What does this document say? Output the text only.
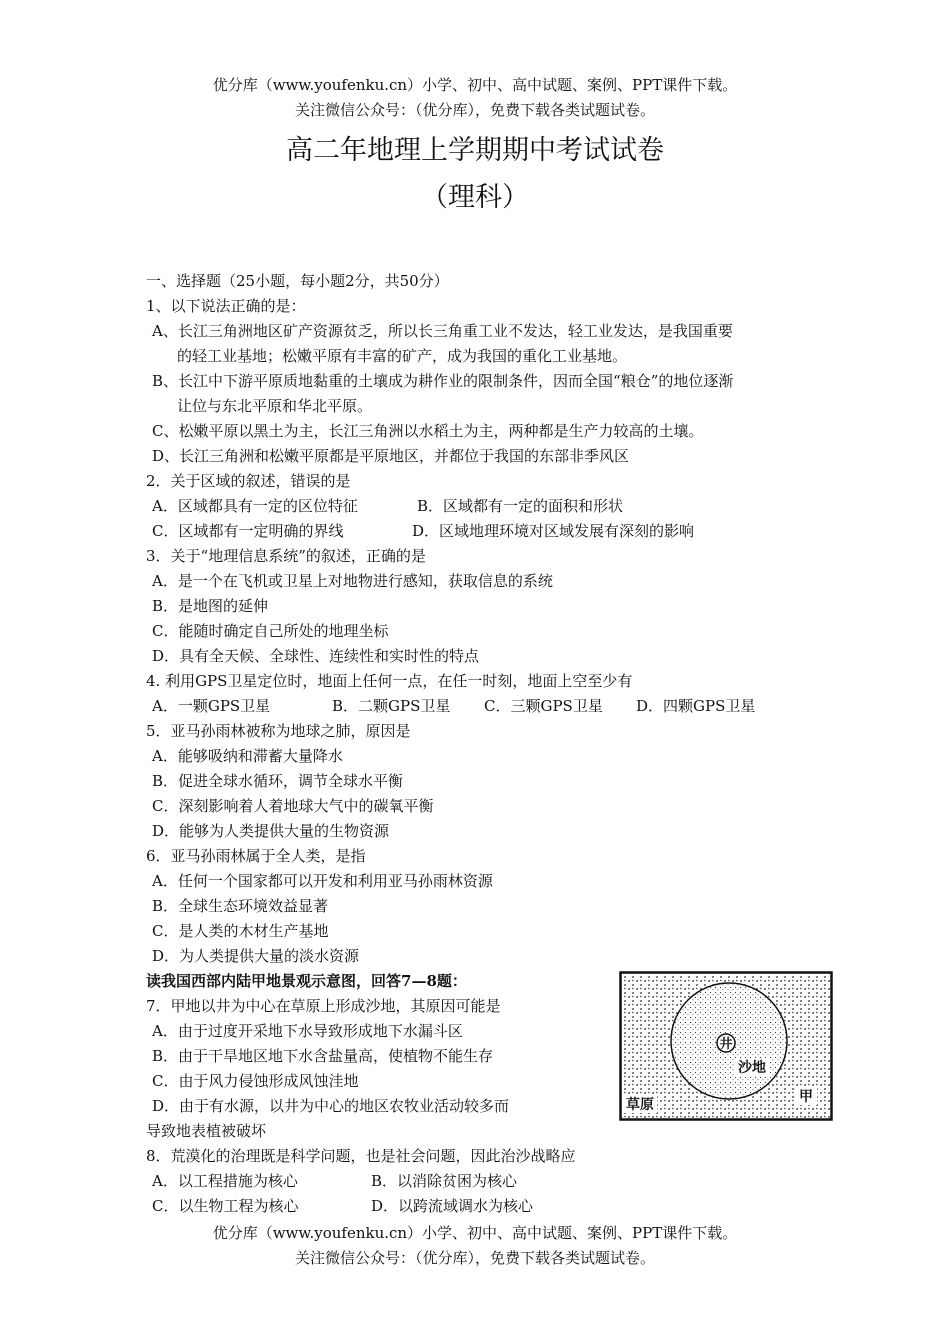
优分库（www.youfenku.cn）小学、初中、高中试题、案例、PPT课件下载。
关注微信公众号：（优分库），免费下载各类试题试卷。
高二年地理上学期期中考试试卷
（理科）
一、选择题（25小题，每小题2分，共50分）
1、以下说法正确的是：
A、长江三角洲地区矿产资源贫乏，所以长三角重工业不发达，轻工业发达，是我国重要
的轻工业基地；松嫩平原有丰富的矿产，成为我国的重化工业基地。
B、长江中下游平原质地黏重的土壤成为耕作业的限制条件，因而全国“粮仓”的地位逐渐
让位与东北平原和华北平原。
C、松嫩平原以黑土为主，长江三角洲以水稻土为主，两种都是生产力较高的土壤。
D、长江三角洲和松嫩平原都是平原地区，并都位于我国的东部非季风区
2．关于区域的叙述，错误的是
A．区域都具有一定的区位特征	B．区域都有一定的面积和形状
C．区域都有一定明确的界线	D．区域地理环境对区域发展有深刻的影响
3．关于“地理信息系统”的叙述，正确的是
A．是一个在飞机或卫星上对地物进行感知，获取信息的系统
B．是地图的延伸
C．能随时确定自己所处的地理坐标
D．具有全天候、全球性、连续性和实时性的特点
4. 利用GPS卫星定位时，地面上任何一点，在任一时刻，地面上空至少有
A．一颗GPS卫星	B．二颗GPS卫星 C．三颗GPS卫星 D．四颗GPS卫星
5．亚马孙雨林被称为地球之肺，原因是
A．能够吸纳和滞蓄大量降水
B．促进全球水循环，调节全球水平衡
C．深刻影响着人着地球大气中的碳氧平衡
D．能够为人类提供大量的生物资源
6．亚马孙雨林属于全人类，是指
A．任何一个国家都可以开发和利用亚马孙雨林资源
B．全球生态环境效益显著
C．是人类的木材生产基地
D．为人类提供大量的淡水资源
读我国西部内陆甲地景观示意图，回答7—8题：
7．甲地以井为中心在草原上形成沙地，其原因可能是
A．由于过度开采地下水导致形成地下水漏斗区
B．由于干旱地区地下水含盐量高，使植物不能生存
C．由于风力侵蚀形成风蚀洼地
D．由于有水源，以井为中心的地区农牧业活动较多而
导致地表植被破坏
8．荒漠化的治理既是科学问题，也是社会问题，因此治沙战略应
A．以工程措施为核心	B．以消除贫困为核心
C．以生物工程为核心	D．以跨流域调水为核心
井
沙地
草原	甲
优分库（www.youfenku.cn）小学、初中、高中试题、案例、PPT课件下载。
关注微信公众号：（优分库），免费下载各类试题试卷。
